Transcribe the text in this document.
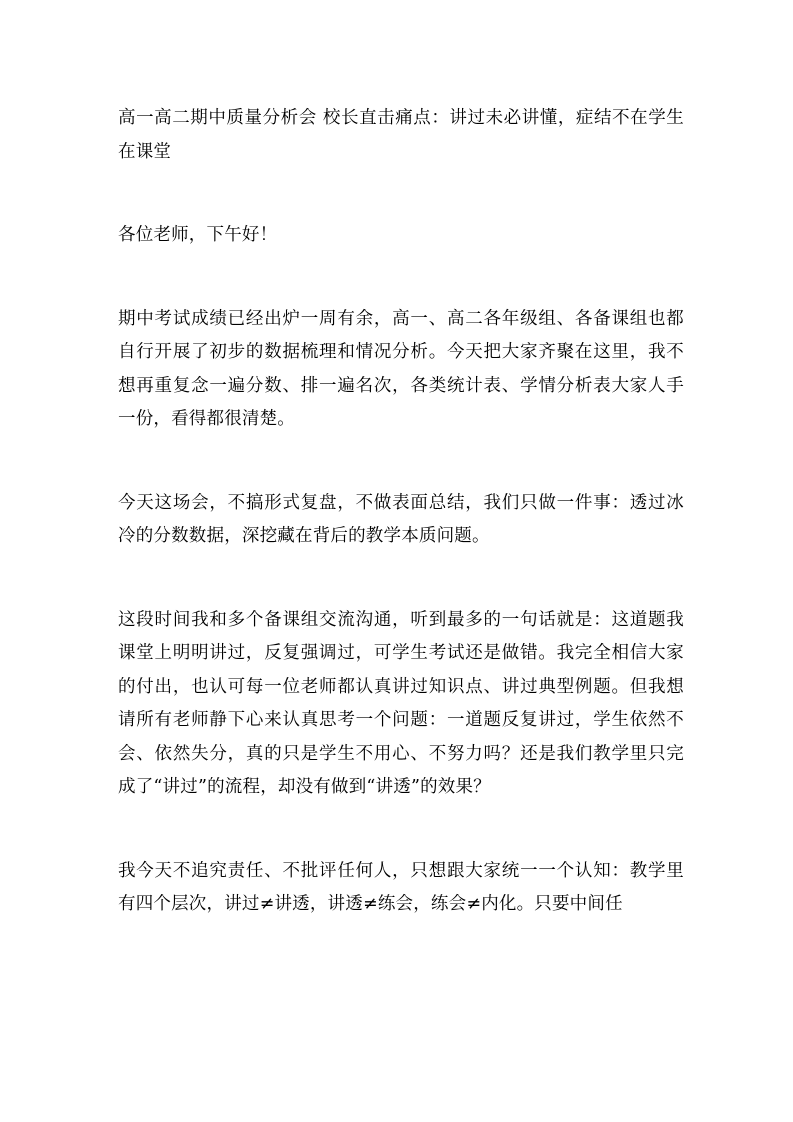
高一高二期中质量分析会 校长直击痛点：讲过未必讲懂，症结不在学生在课堂

各位老师，下午好！

期中考试成绩已经出炉一周有余，高一、高二各年级组、各备课组也都自行开展了初步的数据梳理和情况分析。今天把大家齐聚在这里，我不想再重复念一遍分数、排一遍名次，各类统计表、学情分析表大家人手一份，看得都很清楚。

今天这场会，不搞形式复盘，不做表面总结，我们只做一件事：透过冰冷的分数数据，深挖藏在背后的教学本质问题。

这段时间我和多个备课组交流沟通，听到最多的一句话就是：这道题我课堂上明明讲过，反复强调过，可学生考试还是做错。我完全相信大家的付出，也认可每一位老师都认真讲过知识点、讲过典型例题。但我想请所有老师静下心来认真思考一个问题：一道题反复讲过，学生依然不会、依然失分，真的只是学生不用心、不努力吗？还是我们教学里只完成了“讲过”的流程，却没有做到“讲透”的效果？

我今天不追究责任、不批评任何人，只想跟大家统一一个认知：教学里有四个层次，讲过≠讲透，讲透≠练会，练会≠内化。只要中间任
